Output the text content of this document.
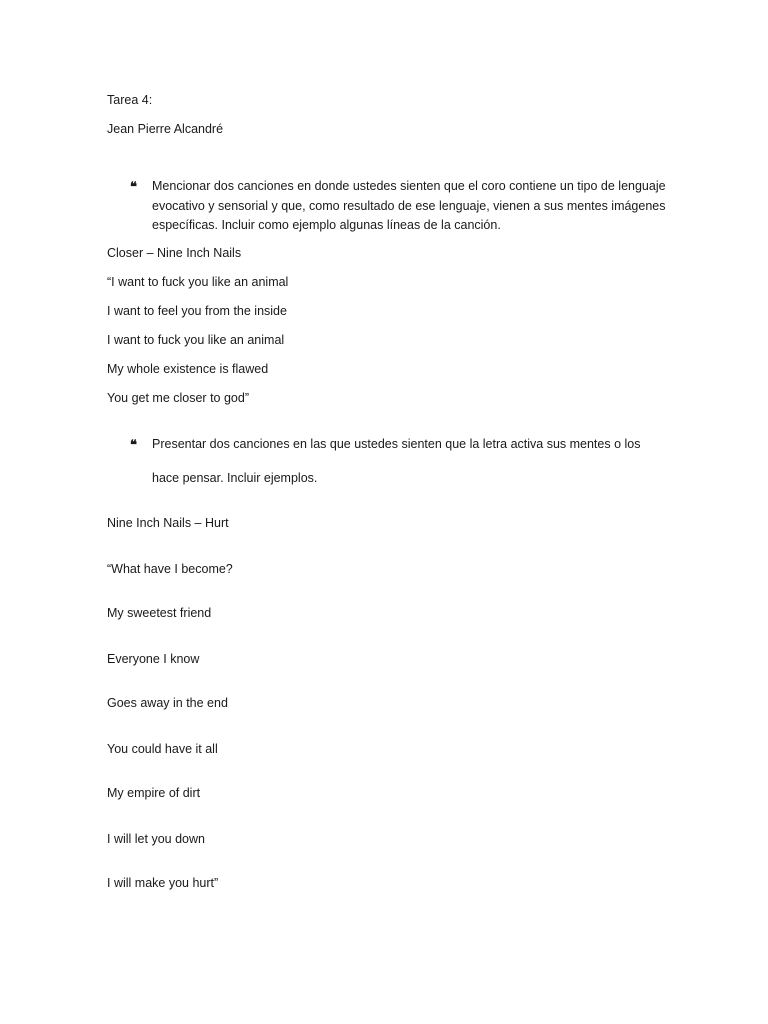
Tarea 4:
Jean Pierre Alcandré
❝ Mencionar dos canciones en donde ustedes sienten que el coro contiene un tipo de lenguaje evocativo y sensorial y que, como resultado de ese lenguaje, vienen a sus mentes imágenes específicas. Incluir como ejemplo algunas líneas de la canción.
Closer – Nine Inch Nails
“I want to fuck you like an animal
I want to feel you from the inside
I want to fuck you like an animal
My whole existence is flawed
You get me closer to god”
❝ Presentar dos canciones en las que ustedes sienten que la letra activa sus mentes o los
hace pensar. Incluir ejemplos.
Nine Inch Nails – Hurt
“What have I become?
My sweetest friend
Everyone I know
Goes away in the end
You could have it all
My empire of dirt
I will let you down
I will make you hurt”
